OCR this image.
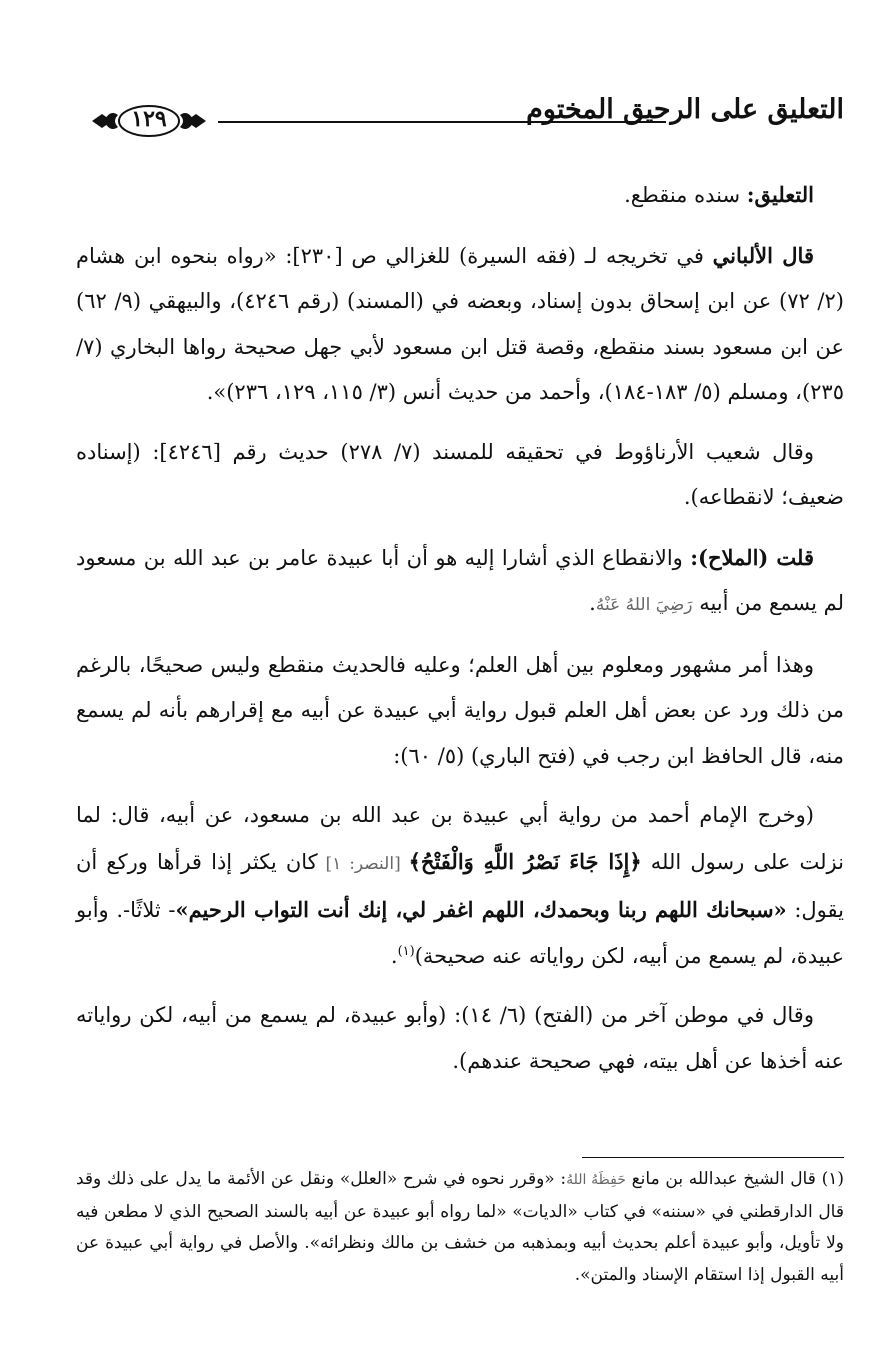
التعليق على الرحيق المختوم
١٢٩

التعليق: سنده منقطع.

قال الألباني في تخريجه لـ (فقه السيرة) للغزالي ص [٢٣٠]: «رواه بنحوه ابن هشام (٢/ ٧٢) عن ابن إسحاق بدون إسناد، وبعضه في (المسند) (رقم ٤٢٤٦)، والبيهقي (٩/ ٦٢) عن ابن مسعود بسند منقطع، وقصة قتل ابن مسعود لأبي جهل صحيحة رواها البخاري (٧/ ٢٣٥)، ومسلم (٥/ ١٨٣-١٨٤)، وأحمد من حديث أنس (٣/ ١١٥، ١٢٩، ٢٣٦)».

وقال شعيب الأرناؤوط في تحقيقه للمسند (٧/ ٢٧٨) حديث رقم [٤٢٤٦]: (إسناده ضعيف؛ لانقطاعه).

قلت (الملاح): والانقطاع الذي أشارا إليه هو أن أبا عبيدة عامر بن عبد الله بن مسعود لم يسمع من أبيه رَضِيَ اللهُ عَنْهُ.

وهذا أمر مشهور ومعلوم بين أهل العلم؛ وعليه فالحديث منقطع وليس صحيحًا، بالرغم من ذلك ورد عن بعض أهل العلم قبول رواية أبي عبيدة عن أبيه مع إقرارهم بأنه لم يسمع منه، قال الحافظ ابن رجب في (فتح الباري) (٥/ ٦٠):

(وخرج الإمام أحمد من رواية أبي عبيدة بن عبد الله بن مسعود، عن أبيه، قال: لما نزلت على رسول الله ﴿إِذَا جَاءَ نَصْرُ اللَّهِ وَالْفَتْحُ﴾ [النصر: ١] كان يكثر إذا قرأها وركع أن يقول: «سبحانك اللهم ربنا وبحمدك، اللهم اغفر لي، إنك أنت التواب الرحيم»- ثلاثًا-. وأبو عبيدة، لم يسمع من أبيه، لكن رواياته عنه صحيحة)$^{(١)}$.

وقال في موطن آخر من (الفتح) (٦/ ١٤): (وأبو عبيدة، لم يسمع من أبيه، لكن رواياته عنه أخذها عن أهل بيته، فهي صحيحة عندهم).

(١) قال الشيخ عبدالله بن مانع حَفِظَهُ اللهُ: «وقرر نحوه في شرح «العلل» ونقل عن الأئمة ما يدل على ذلك وقد قال الدارقطني في «سننه» في كتاب «الديات» «لما رواه أبو عبيدة عن أبيه بالسند الصحيح الذي لا مطعن فيه ولا تأويل، وأبو عبيدة أعلم بحديث أبيه وبمذهبه من خشف بن مالك ونظرائه». والأصل في رواية أبي عبيدة عن أبيه القبول إذا استقام الإسناد والمتن».
